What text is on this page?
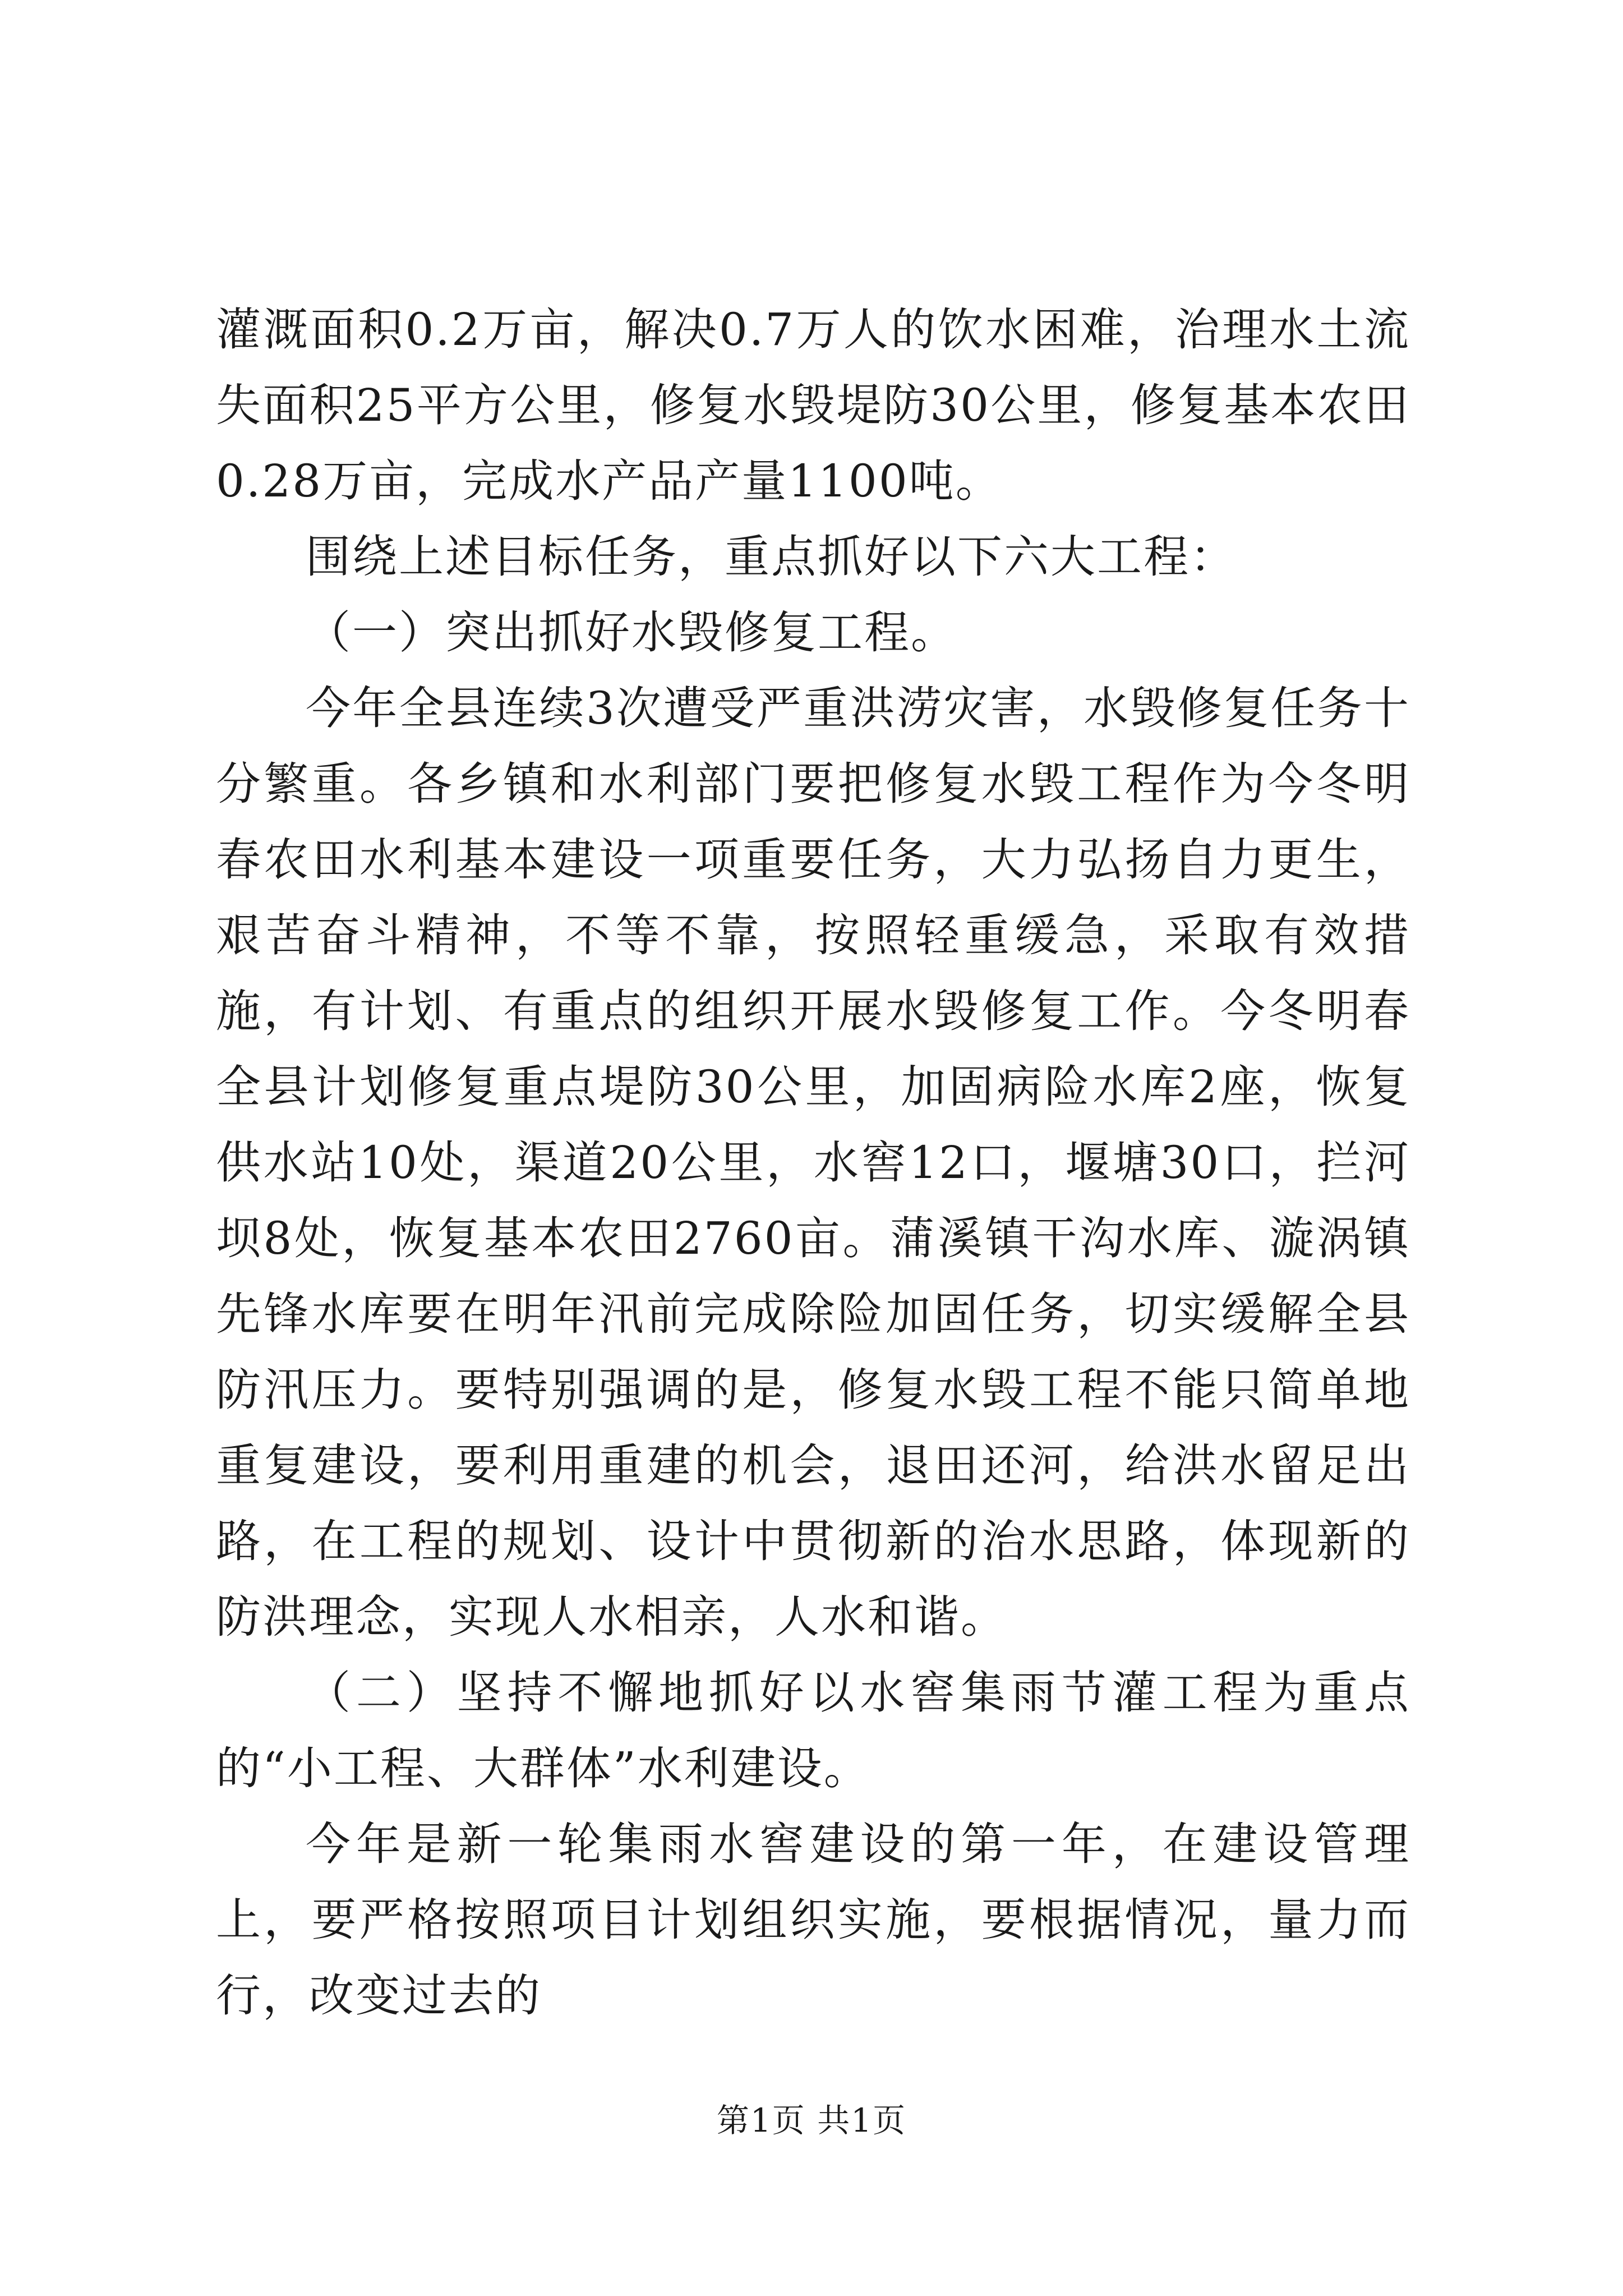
灌溉面积0.2万亩，解决0.7万人的饮水困难，治理水土流失面积25平方公里，修复水毁堤防30公里，修复基本农田0.28万亩，完成水产品产量1100吨。

围绕上述目标任务，重点抓好以下六大工程：

（一）突出抓好水毁修复工程。

今年全县连续3次遭受严重洪涝灾害，水毁修复任务十分繁重。各乡镇和水利部门要把修复水毁工程作为今冬明春农田水利基本建设一项重要任务，大力弘扬自力更生，艰苦奋斗精神，不等不靠，按照轻重缓急，采取有效措施，有计划、有重点的组织开展水毁修复工作。今冬明春全县计划修复重点堤防30公里，加固病险水库2座，恢复供水站10处，渠道20公里，水窖12口，堰塘30口，拦河坝8处，恢复基本农田2760亩。蒲溪镇干沟水库、漩涡镇先锋水库要在明年汛前完成除险加固任务，切实缓解全县防汛压力。要特别强调的是，修复水毁工程不能只简单地重复建设，要利用重建的机会，退田还河，给洪水留足出路，在工程的规划、设计中贯彻新的治水思路，体现新的防洪理念，实现人水相亲，人水和谐。

（二）坚持不懈地抓好以水窖集雨节灌工程为重点的“小工程、大群体”水利建设。

今年是新一轮集雨水窖建设的第一年，在建设管理上，要严格按照项目计划组织实施，要根据情况，量力而行，改变过去的

第1页 共1页
